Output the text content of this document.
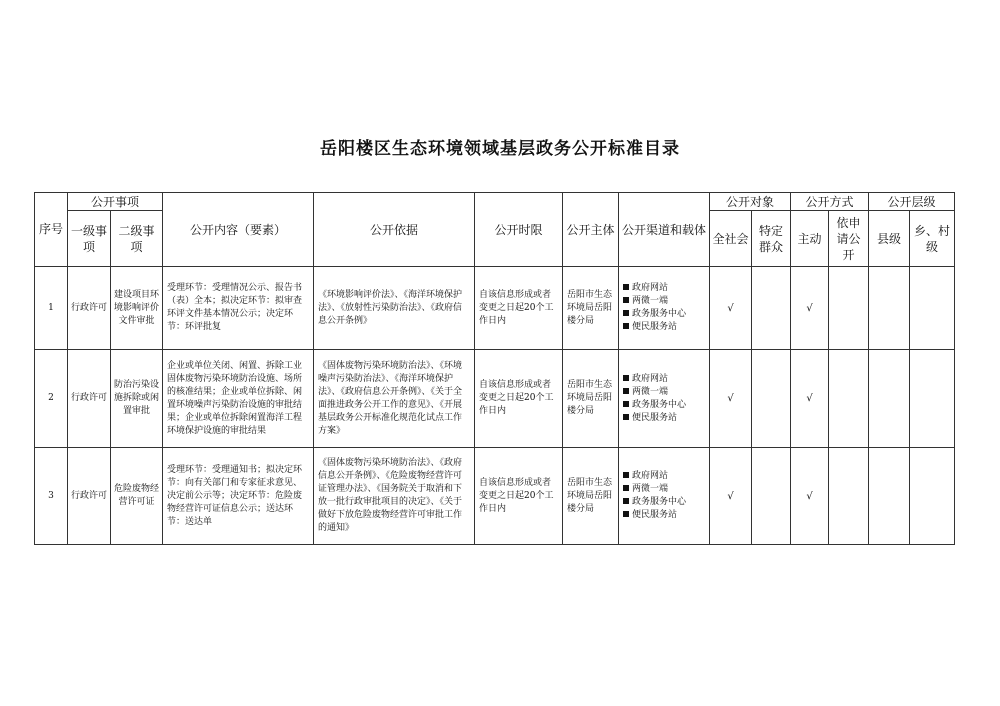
岳阳楼区生态环境领域基层政务公开标准目录
序号	公开事项		公开内容（要素）	公开依据	公开时限	公开主体	公开渠道和载体	公开对象		公开方式		公开层级	
	一级事项	二级事项						全社会	特定群众	主动	依申请公开	县级	乡、村级
1	行政许可	建设项目环境影响评价文件审批	受理环节：受理情况公示、报告书（表）全本；拟决定环节：拟审查环评文件基本情况公示；决定环节：环评批复	《环境影响评价法》、《海洋环境保护法》、《放射性污染防治法》、《政府信息公开条例》	自该信息形成或者变更之日起20个工作日内	岳阳市生态环境局岳阳楼分局	政府网站
两微一端
政务服务中心
便民服务站	√		√			
2	行政许可	防治污染设施拆除或闲置审批	企业或单位关闭、闲置、拆除工业固体废物污染环境防治设施、场所的核准结果；企业或单位拆除、闲置环境噪声污染防治设施的审批结果；企业或单位拆除闲置海洋工程环境保护设施的审批结果	《固体废物污染环境防治法》、《环境噪声污染防治法》、《海洋环境保护法》、《政府信息公开条例》、《关于全面推进政务公开工作的意见》、《开展基层政务公开标准化规范化试点工作方案》	自该信息形成或者变更之日起20个工作日内	岳阳市生态环境局岳阳楼分局	政府网站
两微一端
政务服务中心
便民服务站	√		√			
3	行政许可	危险废物经营许可证	受理环节：受理通知书；拟决定环节：向有关部门和专家征求意见、决定前公示等；决定环节：危险废物经营许可证信息公示；送达环节：送达单	《固体废物污染环境防治法》、《政府信息公开条例》、《危险废物经营许可证管理办法》、《国务院关于取消和下放一批行政审批项目的决定》、《关于做好下放危险废物经营许可审批工作的通知》	自该信息形成或者变更之日起20个工作日内	岳阳市生态环境局岳阳楼分局	政府网站
两微一端
政务服务中心
便民服务站	√		√			
